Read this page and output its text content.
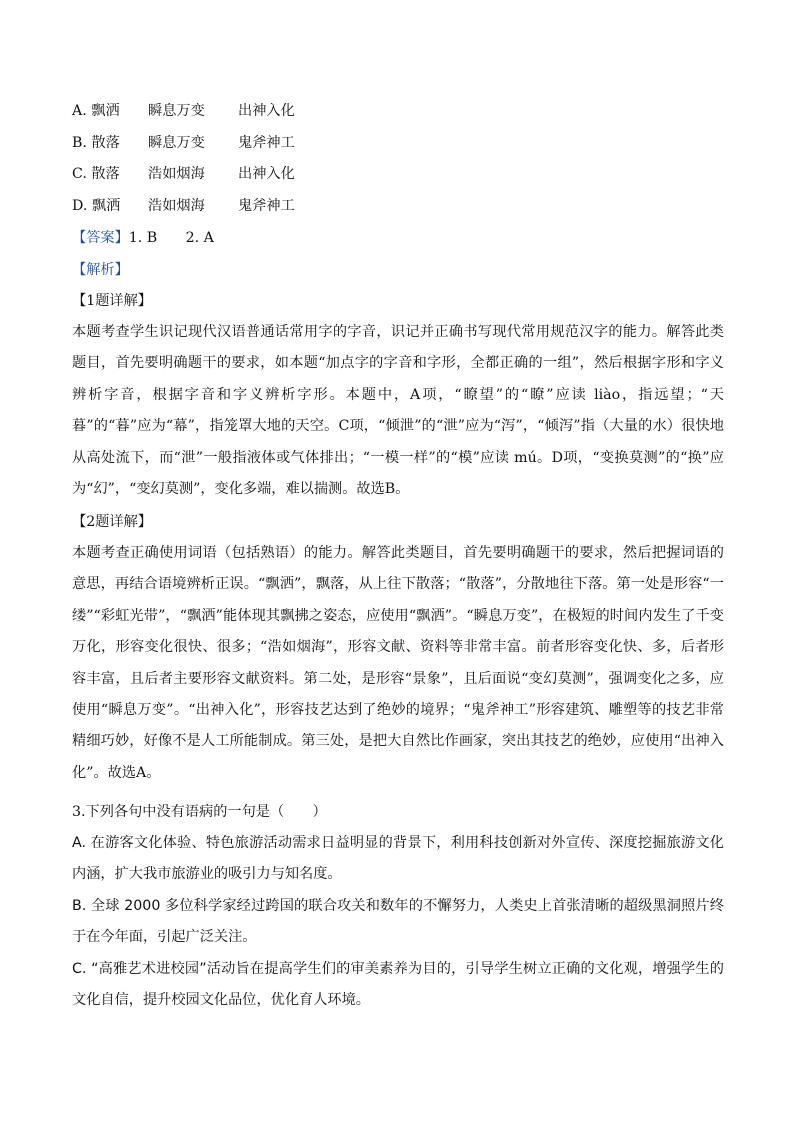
A. 飘洒 瞬息万变 出神入化
B. 散落 瞬息万变 鬼斧神工
C. 散落 浩如烟海 出神入化
D. 飘洒 浩如烟海 鬼斧神工
【答案】1. B　　2. A
【解析】
【1题详解】

本题考查学生识记现代汉语普通话常用字的字音，识记并正确书写现代常用规范汉字的能力。解答此类题目，首先要明确题干的要求，如本题“加点字的字音和字形，全都正确的一组”，然后根据字形和字义辨析字音，根据字音和字义辨析字形。本题中，A项，“瞭望”的“瞭”应读 liào，指远望；“天暮”的“暮”应为“幕”，指笼罩大地的天空。C项，“倾泄”的“泄”应为“泻”，“倾泻”指（大量的水）很快地从高处流下，而“泄”一般指液体或气体排出；“一模一样”的“模”应读 mú。D项，“变换莫测”的“换”应为“幻”，“变幻莫测”，变化多端，难以揣测。故选B。

【2题详解】

本题考查正确使用词语（包括熟语）的能力。解答此类题目，首先要明确题干的要求，然后把握词语的意思，再结合语境辨析正误。“飘洒”，飘落，从上往下散落；“散落”，分散地往下落。第一处是形容“一缕”“彩虹光带”，“飘洒”能体现其飘拂之姿态，应使用“飘洒”。“瞬息万变”，在极短的时间内发生了千变万化，形容变化很快、很多；“浩如烟海”，形容文献、资料等非常丰富。前者形容变化快、多，后者形容丰富，且后者主要形容文献资料。第二处，是形容“景象”，且后面说“变幻莫测”，强调变化之多，应使用“瞬息万变”。“出神入化”，形容技艺达到了绝妙的境界；“鬼斧神工”形容建筑、雕塑等的技艺非常精细巧妙，好像不是人工所能制成。第三处，是把大自然比作画家，突出其技艺的绝妙，应使用“出神入化”。故选A。

3.下列各句中没有语病的一句是（　　）

A. 在游客文化体验、特色旅游活动需求日益明显的背景下，利用科技创新对外宣传、深度挖掘旅游文化内涵，扩大我市旅游业的吸引力与知名度。

B. 全球 2000 多位科学家经过跨国的联合攻关和数年的不懈努力，人类史上首张清晰的超级黑洞照片终于在今年面，引起广泛关注。

C. “高雅艺术进校园”活动旨在提高学生们的审美素养为目的，引导学生树立正确的文化观，增强学生的文化自信，提升校园文化品位，优化育人环境。
